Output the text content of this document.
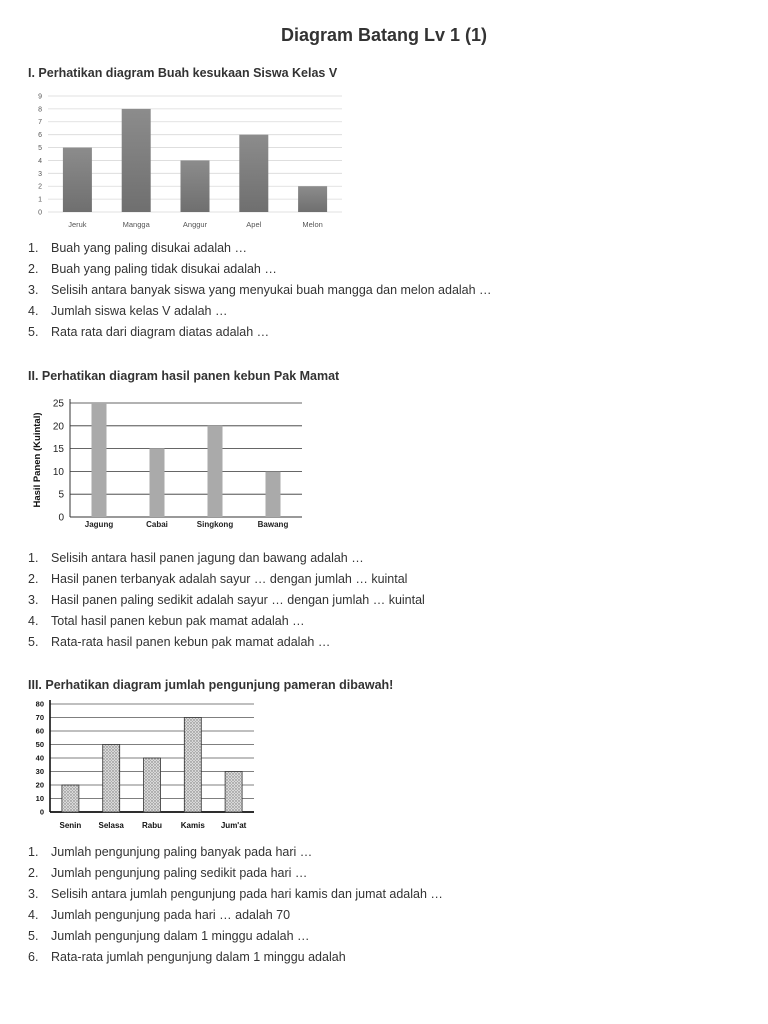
Diagram Batang Lv 1 (1)
I. Perhatikan diagram Buah kesukaan Siswa Kelas V
0
1
2
3
4
5
6
7
8
9
Jeruk	Mangga	Anggur	Apel	Melon
1. Buah yang paling disukai adalah …
2. Buah yang paling tidak disukai adalah …
3. Selisih antara banyak siswa yang menyukai buah mangga dan melon adalah …
4. Jumlah siswa kelas V adalah …
5. Rata rata dari diagram diatas adalah …
II. Perhatikan diagram hasil panen kebun Pak Mamat
0
5
10
15
20
25
Jagung	Cabai	Singkong	Bawang
Hasil Panen (Kuintal)
1. Selisih antara hasil panen jagung dan bawang adalah …
2. Hasil panen terbanyak adalah sayur … dengan jumlah … kuintal
3. Hasil panen paling sedikit adalah sayur … dengan jumlah … kuintal
4. Total hasil panen kebun pak mamat adalah …
5. Rata-rata hasil panen kebun pak mamat adalah …
III. Perhatikan diagram jumlah pengunjung pameran dibawah!
0
10
20
30
40
50
60
70
80
Senin Selasa Rabu Kamis Jum'at
1. Jumlah pengunjung paling banyak pada hari …
2. Jumlah pengunjung paling sedikit pada hari …
3. Selisih antara jumlah pengunjung pada hari kamis dan jumat adalah …
4. Jumlah pengunjung pada hari … adalah 70
5. Jumlah pengunjung dalam 1 minggu adalah …
6. Rata-rata jumlah pengunjung dalam 1 minggu adalah
